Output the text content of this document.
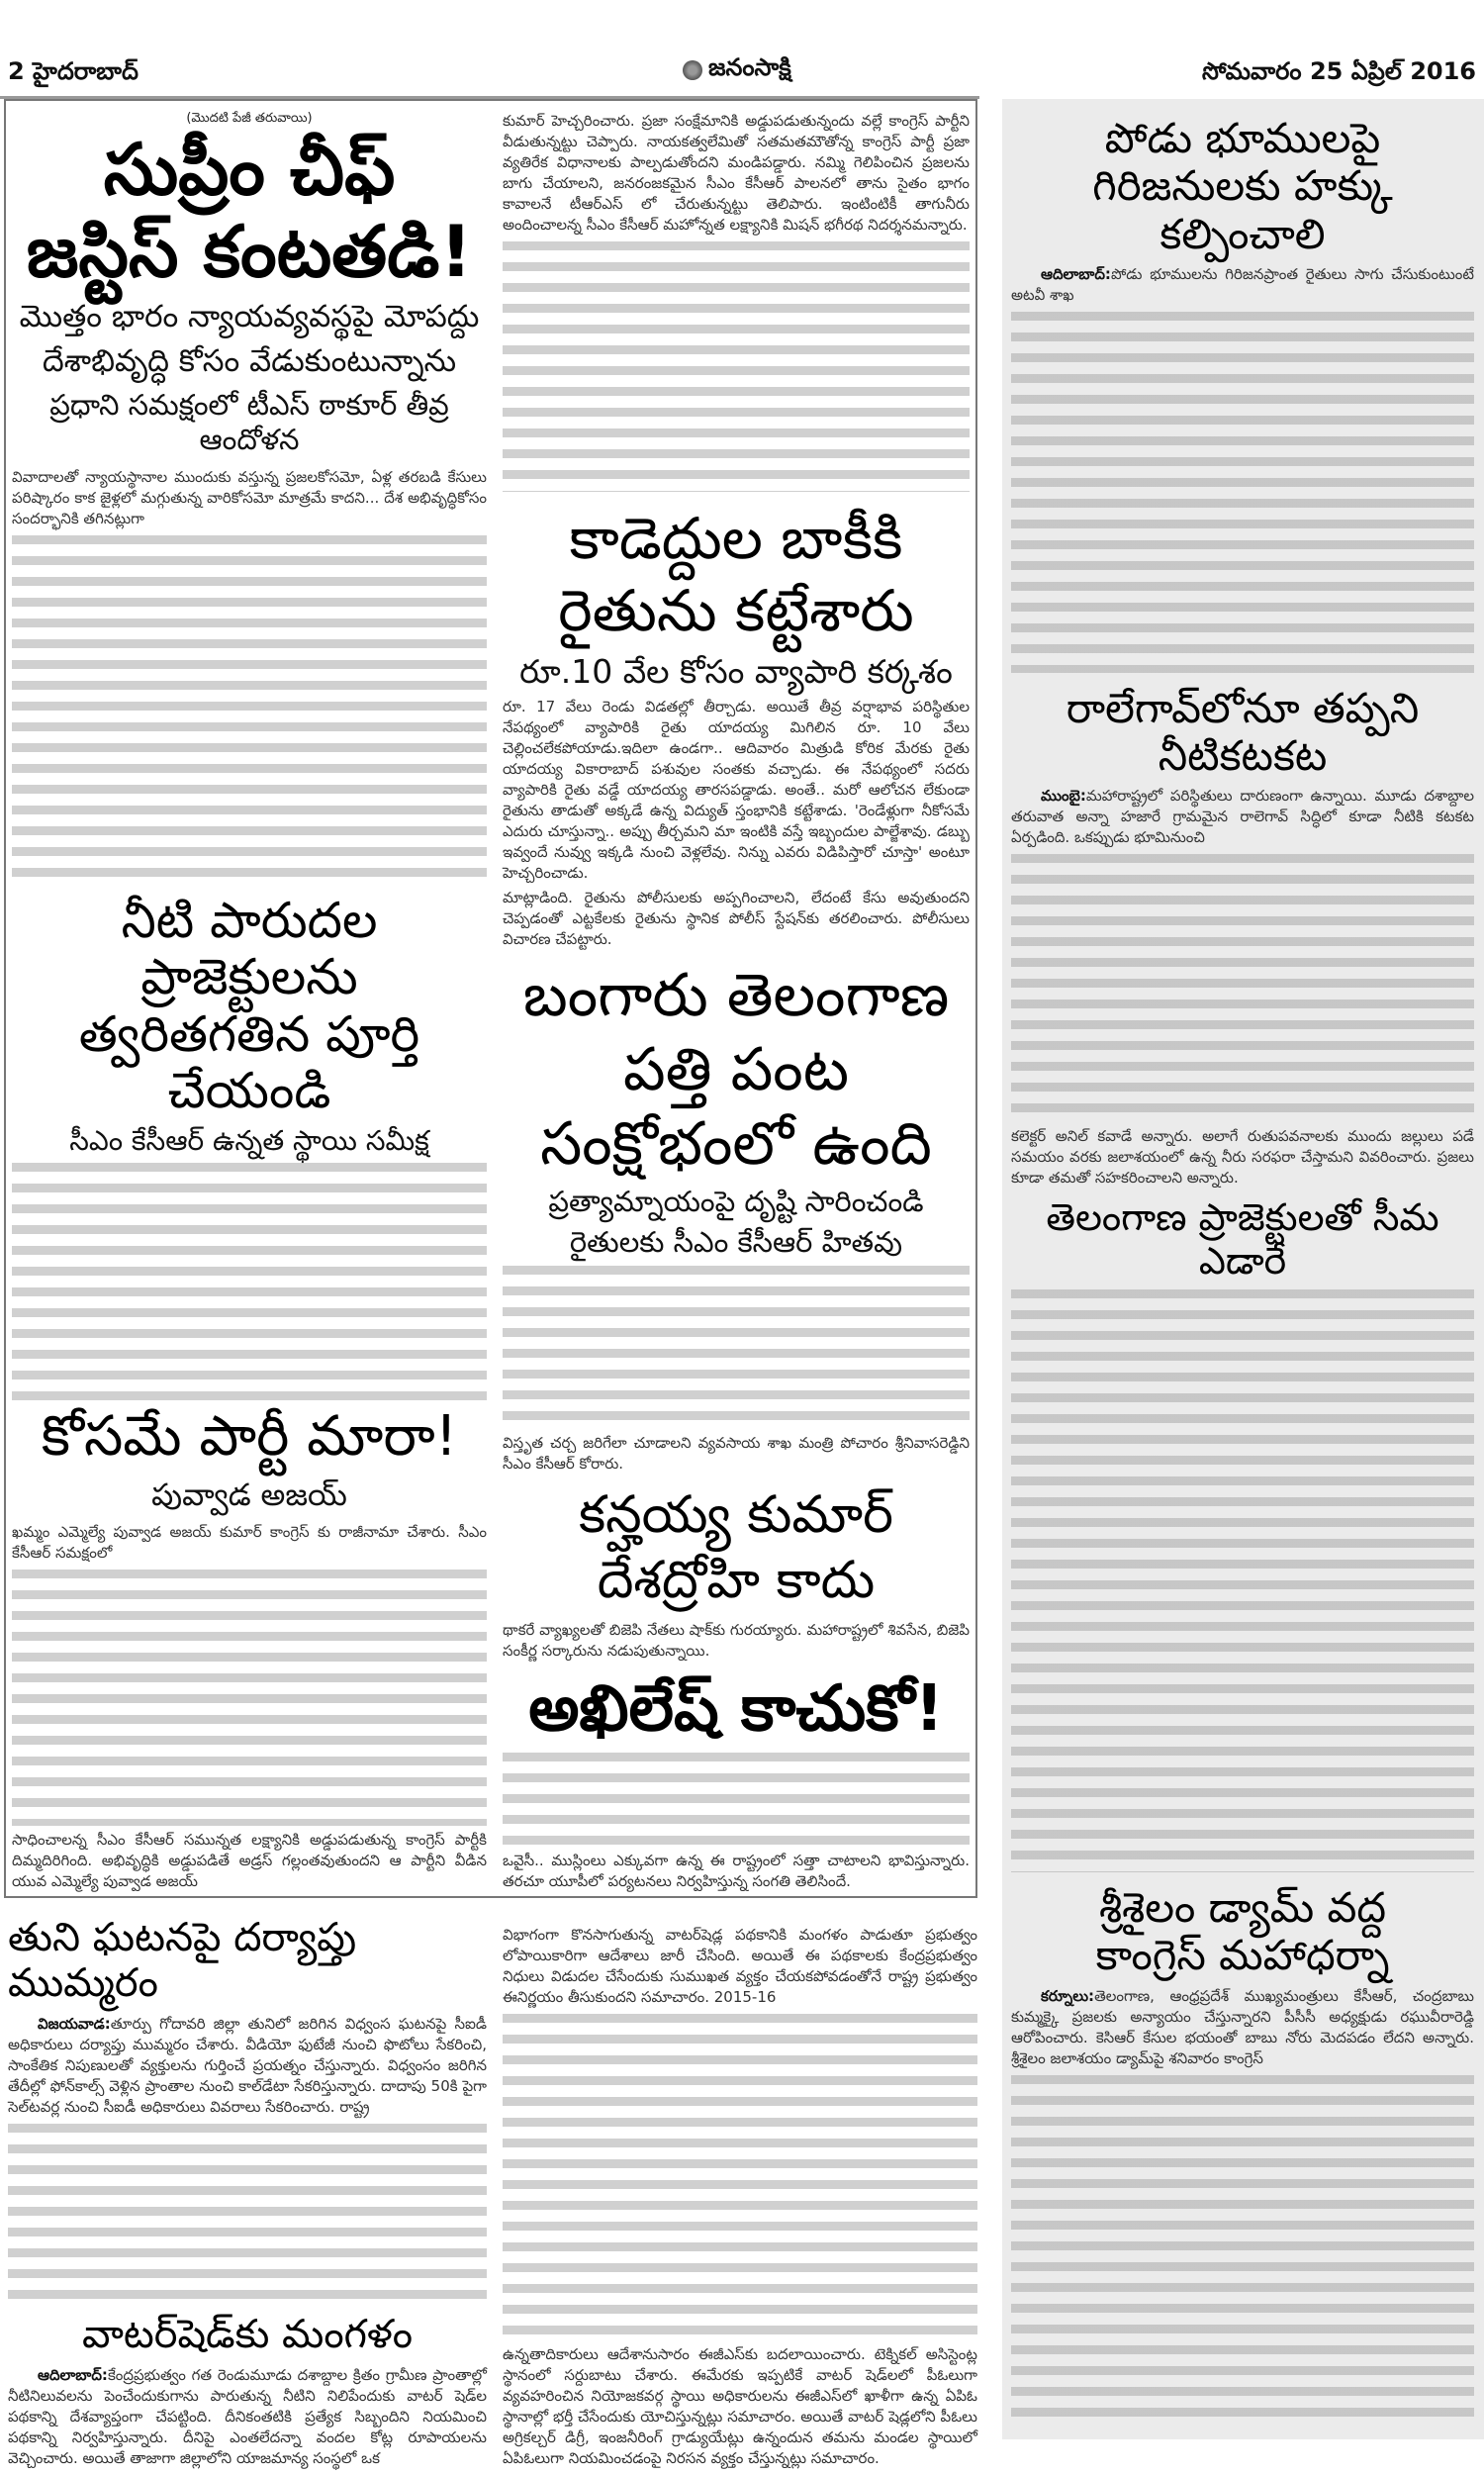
2 హైదరాబాద్	జనంసాక్షి	సోమవారం 25 ఏప్రిల్ 2016
(మొదటి పేజీ తరువాయి)
సుప్రీం చీఫ్
జస్టిస్ కంటతడి!
మొత్తం భారం న్యాయవ్యవస్థపై మోపద్దు
దేశాభివృద్ధి కోసం వేడుకుంటున్నాను
ప్రధాని సమక్షంలో టీఎస్ ఠాకూర్ తీవ్ర ఆందోళన
వివాదాలతో న్యాయస్థానాల ముందుకు వస్తున్న ప్రజలకోసమో, ఏళ్ల తరబడి కేసులు పరిష్కారం కాక జైళ్లలో మగ్గుతున్న వారికోసమో మాత్రమే కాదని... దేశ అభివృద్ధికోసం సందర్భానికి తగినట్లుగా
నీటి పారుదల ప్రాజెక్టులను
త్వరితగతిన పూర్తి చేయండి
సీఎం కేసీఆర్ ఉన్నత స్థాయి సమీక్ష
కోసమే పార్టీ మారా!
పువ్వాడ అజయ్
ఖమ్మం ఎమ్మెల్యే పువ్వాడ అజయ్ కుమార్ కాంగ్రెస్ కు రాజీనామా చేశారు. సీఎం కేసీఆర్ సమక్షంలో
సాధించాలన్న సీఎం కేసీఆర్ సమున్నత లక్ష్యానికి అడ్డుపడుతున్న కాంగ్రెస్ పార్టీకి దిమ్మదిరిగింది. అభివృద్ధికి అడ్డుపడితే అడ్రస్ గల్లంతవుతుందని ఆ పార్టీని వీడిన యువ ఎమ్మెల్యే పువ్వాడ అజయ్
కుమార్ హెచ్చరించారు. ప్రజా సంక్షేమానికి అడ్డుపడుతున్నందు వల్లే కాంగ్రెస్ పార్టీని వీడుతున్నట్టు చెప్పారు. నాయకత్వలేమితో సతమతమౌతోన్న కాంగ్రెస్ పార్టీ ప్రజా వ్యతిరేక విధానాలకు పాల్పడుతోందని మండిపడ్డారు. నమ్మి గెలిపించిన ప్రజలను బాగు చేయాలని, జనరంజకమైన సీఎం కేసీఆర్ పాలనలో తాను సైతం భాగం కావాలనే టీఆర్ఎస్ లో చేరుతున్నట్టు తెలిపారు. ఇంటింటికీ తాగునీరు అందించాలన్న సీఎం కేసీఆర్ మహోన్నత లక్ష్యానికి మిషన్ భగీరథ నిదర్శనమన్నారు.
కాడెద్దుల బాకీకి
రైతును కట్టేశారు
రూ.10 వేల కోసం వ్యాపారి కర్కశం
రూ. 17 వేలు రెండు విడతల్లో తీర్చాడు. అయితే తీవ్ర వర్షాభావ పరిస్థితుల నేపథ్యంలో వ్యాపారికి రైతు యాదయ్య మిగిలిన రూ. 10 వేలు చెల్లించలేకపోయాడు.ఇదిలా ఉండగా.. ఆదివారం మిత్రుడి కోరిక మేరకు రైతు యాదయ్య వికారాబాద్ పశువుల సంతకు వచ్చాడు. ఈ నేపథ్యంలో సదరు వ్యాపారికి రైతు వడ్డే యాదయ్య తారసపడ్డాడు. అంతే.. మరో ఆలోచన లేకుండా రైతును తాడుతో అక్కడే ఉన్న విద్యుత్ స్తంభానికి కట్టేశాడు. 'రెండేళ్లుగా నీకోసమే ఎదురు చూస్తున్నా.. అప్పు తీర్చమని మా ఇంటికి వస్తే ఇబ్బందుల పాల్జేశావు. డబ్బు ఇవ్వందే నువ్వు ఇక్కడి నుంచి వెళ్లలేవు. నిన్ను ఎవరు విడిపిస్తారో చూస్తా' అంటూ హెచ్చరించాడు.
మాట్లాడింది. రైతును పోలీసులకు అప్పగించాలని, లేదంటే కేసు అవుతుందని చెప్పడంతో ఎట్టకేలకు రైతును స్థానిక పోలీస్ స్టేషన్‌కు తరలించారు. పోలీసులు విచారణ చేపట్టారు.
బంగారు తెలంగాణ
పత్తి పంట
సంక్షోభంలో ఉంది
ప్రత్యామ్నాయంపై దృష్టి సారించండి
రైతులకు సీఎం కేసీఆర్ హితవు
విస్తృత చర్చ జరిగేలా చూడాలని వ్యవసాయ శాఖ మంత్రి పోచారం శ్రీనివాసరెడ్డిని సీఎం కేసీఆర్ కోరారు.
కన్హయ్య కుమార్
దేశద్రోహి కాదు
థాకరే వ్యాఖ్యలతో బిజెపి నేతలు షాక్‌కు గురయ్యారు. మహారాష్ట్రలో శివసేన, బిజెపి సంకీర్ణ సర్కారును నడుపుతున్నాయి.
అఖిలేష్ కాచుకో!
ఒవైసీ.. ముస్లింలు ఎక్కువగా ఉన్న ఈ రాష్ట్రంలో సత్తా చాటాలని భావిస్తున్నారు. తరచూ యూపీలో పర్యటనలు నిర్వహిస్తున్న సంగతి తెలిసిందే.
పోడు భూములపై
గిరిజనులకు హక్కు కల్పించాలి
ఆదిలాబాద్:పోడు భూములను గిరిజనప్రాంత రైతులు సాగు చేసుకుంటుంటే అటవీ శాఖ
రాలేగావ్‌లోనూ తప్పని నీటికటకట
ముంబై:మహారాష్ట్రలో పరిస్థితులు దారుణంగా ఉన్నాయి. మూడు దశాబ్దాల తరువాత అన్నా హజారే గ్రామమైన రాలెగావ్ సిద్ధిలో కూడా నీటికి కటకట ఏర్పడింది. ఒకప్పుడు భూమినుంచి
కలెక్టర్ అనిల్ కవాడే అన్నారు. అలాగే రుతుపవనాలకు ముందు జల్లులు పడే సమయం వరకు జలాశయంలో ఉన్న నీరు సరఫరా చేస్తామని వివరించారు. ప్రజలు కూడా తమతో సహకరించాలని అన్నారు.
తెలంగాణ ప్రాజెక్టులతో సీమ ఎడారే
శ్రీశైలం డ్యామ్ వద్ద
కాంగ్రెస్ మహాధర్నా
కర్నూలు:తెలంగాణ, ఆంధ్రప్రదేశ్ ముఖ్యమంత్రులు కేసీఆర్, చంద్రబాబు కుమ్మక్కై ప్రజలకు అన్యాయం చేస్తున్నారని పీసీసీ అధ్యక్షుడు రఘువీరారెడ్డి ఆరోపించారు. కెసిఆర్ కేసుల భయంతో బాబు నోరు మెదపడం లేదని అన్నారు. శ్రీశైలం జలాశయం డ్యామ్‌పై శనివారం కాంగ్రెస్
తుని ఘటనపై దర్యాప్తు ముమ్మరం
విజయవాడ:తూర్పు గోదావరి జిల్లా తునిలో జరిగిన విధ్వంస ఘటనపై సీఐడీ అధికారులు దర్యాప్తు ముమ్మరం చేశారు. వీడియో ఫుటేజీ నుంచి ఫొటోలు సేకరించి, సాంకేతిక నిపుణులతో వ్యక్తులను గుర్తించే ప్రయత్నం చేస్తున్నారు. విధ్వంసం జరిగిన తేదీల్లో ఫోన్‌కాల్స్ వెళ్లిన ప్రాంతాల నుంచి కాల్‌డేటా సేకరిస్తున్నారు. దాదాపు 50కి పైగా సెల్‌టవర్ల నుంచి సీఐడీ అధికారులు వివరాలు సేకరించారు. రాష్ట్ర
వాటర్‌షెడ్‌కు మంగళం
ఆదిలాబాద్:కేంద్రప్రభుత్వం గత రెండుమూడు దశాబ్దాల క్రితం గ్రామీణ ప్రాంతాల్లో నీటినిలువలను పెంచేందుకుగాను పారుతున్న నీటిని నిలిపేందుకు వాటర్ షెడ్‌ల పథకాన్ని దేశవ్యాప్తంగా చేపట్టింది. దీనికంతటికి ప్రత్యేక సిబ్బందిని నియమించి పథకాన్ని నిర్వహిస్తున్నారు. దీనిపై ఎంతలేదన్నా వందల కోట్ల రూపాయలను వెచ్చించారు. అయితే తాజాగా జిల్లాలోని యాజమాన్య సంస్థలో ఒక
విభాగంగా కొనసాగుతున్న వాటర్‌షెడ్ల పథకానికి మంగళం పాడుతూ ప్రభుత్వం లోపాయికారిగా ఆదేశాలు జారీ చేసింది. అయితే ఈ పథకాలకు కేంద్రప్రభుత్వం నిధులు విడుదల చేసేందుకు సుముఖత వ్యక్తం చేయకపోవడంతోనే రాష్ట్ర ప్రభుత్వం ఈనిర్ణయం తీసుకుందని సమాచారం. 2015-16
ఉన్నతాదికారులు ఆదేశానుసారం ఈజీఎస్‌కు బదలాయించారు. టెక్నికల్ అసిస్టెంట్ల స్థానంలో సర్దుబాటు చేశారు. ఈమేరకు ఇప్పటికే వాటర్ షెడ్‌లలో పీఓలుగా వ్యవహరించిన నియోజకవర్గ స్థాయి అధికారులను ఈజీఎస్‌లో ఖాళీగా ఉన్న ఏపిఓ స్థానాల్లో భర్తీ చేసేందుకు యోచిస్తున్నట్లు సమాచారం. అయితే వాటర్ షెడ్లలోని పీఓలు అగ్రికల్చర్ డిగ్రీ, ఇంజనీరింగ్ గ్రాడ్యుయేట్లు ఉన్నందున తమను మండల స్థాయిలో ఏపిఓలుగా నియమించడంపై నిరసన వ్యక్తం చేస్తున్నట్లు సమాచారం.
